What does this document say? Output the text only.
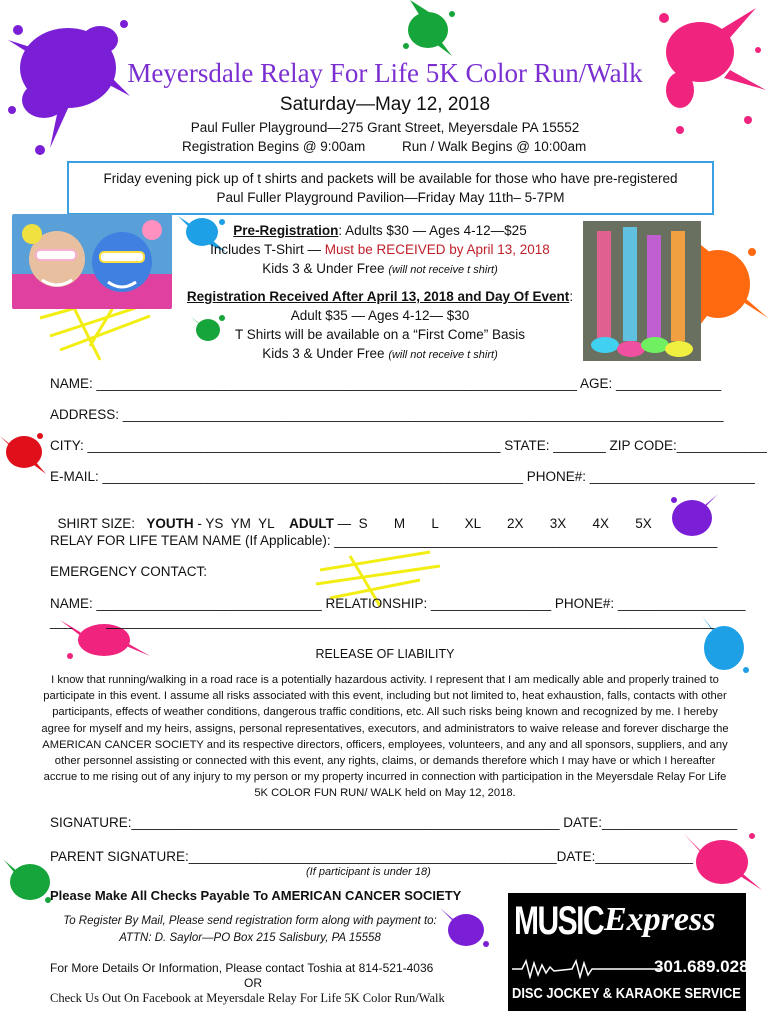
Meyersdale Relay For Life 5K Color Run/Walk
Saturday—May 12, 2018
Paul Fuller Playground—275 Grant Street, Meyersdale PA 15552
Registration Begins @ 9:00am	Run / Walk Begins @ 10:00am
Friday evening pick up of t shirts and packets will be available for those who have pre-registered
Paul Fuller Playground Pavilion—Friday May 11th– 5-7PM
Pre-Registration: Adults $30 — Ages 4-12—$25
Includes T-Shirt — Must be RECEIVED by April 13, 2018
Kids 3 & Under Free (will not receive t shirt)
Registration Received After April 13, 2018 and Day Of Event:
Adult $35 — Ages 4-12— $30
T Shirts will be available on a “First Come” Basis
Kids 3 & Under Free (will not receive t shirt)
NAME: ________________________________________________________________ AGE: ______________
ADDRESS: ________________________________________________________________________________
CITY: _______________________________________________________ STATE: _______ ZIP CODE:____________
E-MAIL: ________________________________________________________ PHONE#: ______________________

SHIRT SIZE: YOUTH - YS  YM  YL ADULT —  S       M       L       XL       2X       3X       4X       5X

RELAY FOR LIFE TEAM NAME (If Applicable): ___________________________________________________
EMERGENCY CONTACT:
NAME: ______________________________ RELATIONSHIP: ________________ PHONE#: _________________
___         _________________________________________________________________________________
RELEASE OF LIABILITY
I know that running/walking in a road race is a potentially hazardous activity. I represent that I am medically able and properly trained to participate in this event. I assume all risks associated with this event, including but not limited to, heat exhaustion, falls, contacts with other participants, effects of weather conditions, dangerous traffic conditions, etc. All such risks being known and recognized by me. I hereby agree for myself and my heirs, assigns, personal representatives, executors, and administrators to waive release and forever discharge the AMERICAN CANCER SOCIETY and its respective directors, officers, employees, volunteers, and any and all sponsors, suppliers, and any other personnel assisting or connected with this event, any rights, claims, or demands therefore which I may have or which I hereafter accrue to me rising out of any injury to my person or my property incurred in connection with participation in the Meyersdale Relay For Life 5K COLOR FUN RUN/ WALK held on May 12, 2018.
SIGNATURE:_________________________________________________________ DATE:__________________
PARENT SIGNATURE:_________________________________________________DATE:_____________
(If participant is under 18)
Please Make All Checks Payable To AMERICAN CANCER SOCIETY
To Register By Mail, Please send registration form along with payment to:
ATTN: D. Saylor—PO Box 215 Salisbury, PA 15558
For More Details Or Information, Please contact Toshia at 814-521-4036
OR
Check Us Out On Facebook at Meyersdale Relay For Life 5K Color Run/Walk
MUSIC Express
301.689.0284
DISC JOCKEY & KARAOKE SERVICE
